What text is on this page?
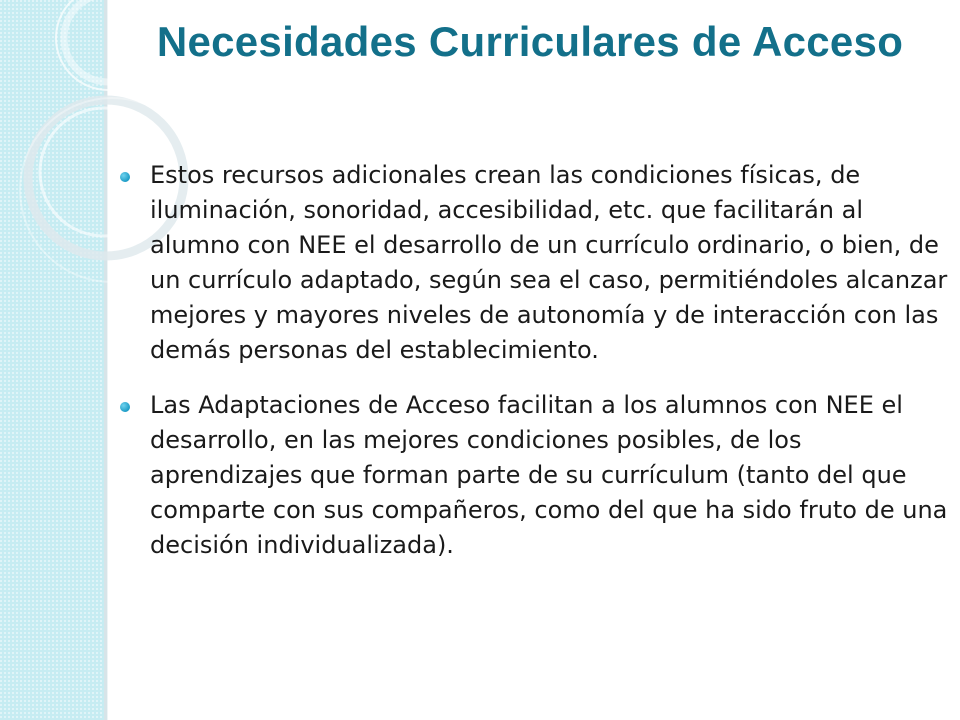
Necesidades Curriculares de Acceso
Estos recursos adicionales crean las condiciones físicas, de iluminación, sonoridad, accesibilidad, etc. que facilitarán al alumno con NEE el desarrollo de un currículo ordinario, o bien, de un currículo adaptado, según sea el caso, permitiéndoles alcanzar mejores y mayores niveles de autonomía y de interacción con las demás personas del establecimiento.
Las Adaptaciones de Acceso facilitan a los alumnos con NEE el desarrollo, en las mejores condiciones posibles, de los aprendizajes que forman parte de su currículum (tanto del que comparte con sus compañeros, como del que ha sido fruto de una decisión individualizada).
